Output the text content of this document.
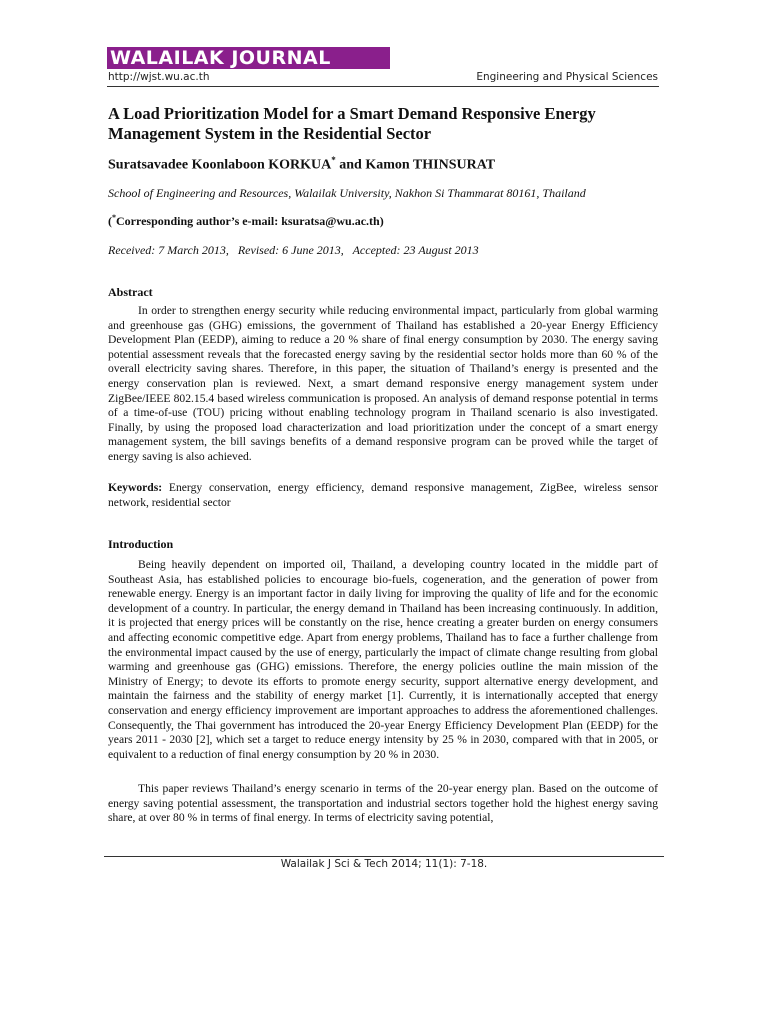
WALAILAK JOURNAL
http://wjst.wu.ac.th	Engineering and Physical Sciences
A Load Prioritization Model for a Smart Demand Responsive Energy Management System in the Residential Sector

Suratsavadee Koonlaboon KORKUA* and Kamon THINSURAT

School of Engineering and Resources, Walailak University, Nakhon Si Thammarat 80161, Thailand

(*Corresponding author’s e-mail: ksuratsa@wu.ac.th)

Received: 7 March 2013,   Revised: 6 June 2013,   Accepted: 23 August 2013

Abstract

In order to strengthen energy security while reducing environmental impact, particularly from global warming and greenhouse gas (GHG) emissions, the government of Thailand has established a 20-year Energy Efficiency Development Plan (EEDP), aiming to reduce a 20 % share of final energy consumption by 2030. The energy saving potential assessment reveals that the forecasted energy saving by the residential sector holds more than 60 % of the overall electricity saving shares. Therefore, in this paper, the situation of Thailand’s energy is presented and the energy conservation plan is reviewed. Next, a smart demand responsive energy management system under ZigBee/IEEE 802.15.4 based wireless communication is proposed. An analysis of demand response potential in terms of a time-of-use (TOU) pricing without enabling technology program in Thailand scenario is also investigated. Finally, by using the proposed load characterization and load prioritization under the concept of a smart energy management system, the bill savings benefits of a demand responsive program can be proved while the target of energy saving is also achieved.

Keywords: Energy conservation, energy efficiency, demand responsive management, ZigBee, wireless sensor network, residential sector

Introduction

Being heavily dependent on imported oil, Thailand, a developing country located in the middle part of Southeast Asia, has established policies to encourage bio-fuels, cogeneration, and the generation of power from renewable energy. Energy is an important factor in daily living for improving the quality of life and for the economic development of a country. In particular, the energy demand in Thailand has been increasing continuously. In addition, it is projected that energy prices will be constantly on the rise, hence creating a greater burden on energy consumers and affecting economic competitive edge. Apart from energy problems, Thailand has to face a further challenge from the environmental impact caused by the use of energy, particularly the impact of climate change resulting from global warming and greenhouse gas (GHG) emissions. Therefore, the energy policies outline the main mission of the Ministry of Energy; to devote its efforts to promote energy security, support alternative energy development, and maintain the fairness and the stability of energy market [1]. Currently, it is internationally accepted that energy conservation and energy efficiency improvement are important approaches to address the aforementioned challenges. Consequently, the Thai government has introduced the 20-year Energy Efficiency Development Plan (EEDP) for the years 2011 - 2030 [2], which set a target to reduce energy intensity by 25 % in 2030, compared with that in 2005, or equivalent to a reduction of final energy consumption by 20 % in 2030.

This paper reviews Thailand’s energy scenario in terms of the 20-year energy plan. Based on the outcome of energy saving potential assessment, the transportation and industrial sectors together hold the highest energy saving share, at over 80 % in terms of final energy. In terms of electricity saving potential,

Walailak J Sci & Tech 2014; 11(1): 7-18.
